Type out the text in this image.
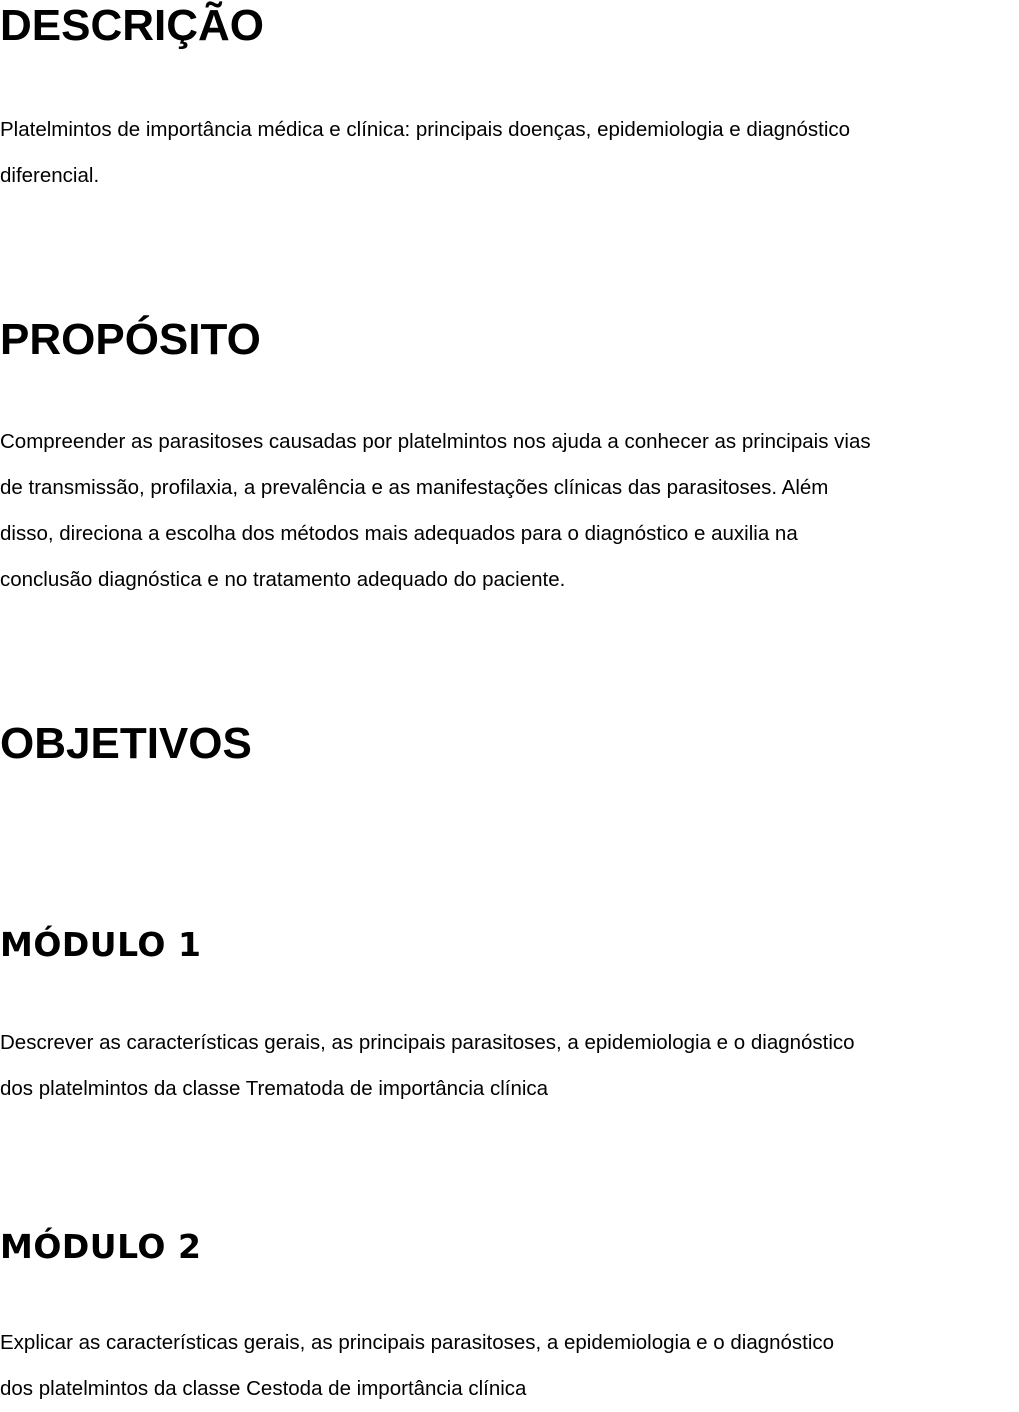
DESCRIÇÃO

Platelmintos de importância médica e clínica: principais doenças, epidemiologia e diagnóstico
diferencial.

PROPÓSITO

Compreender as parasitoses causadas por platelmintos nos ajuda a conhecer as principais vias
de transmissão, profilaxia, a prevalência e as manifestações clínicas das parasitoses. Além
disso, direciona a escolha dos métodos mais adequados para o diagnóstico e auxilia na
conclusão diagnóstica e no tratamento adequado do paciente.

OBJETIVOS
MÓDULO 1

Descrever as características gerais, as principais parasitoses, a epidemiologia e o diagnóstico
dos platelmintos da classe Trematoda de importância clínica

MÓDULO 2

Explicar as características gerais, as principais parasitoses, a epidemiologia e o diagnóstico
dos platelmintos da classe Cestoda de importância clínica
